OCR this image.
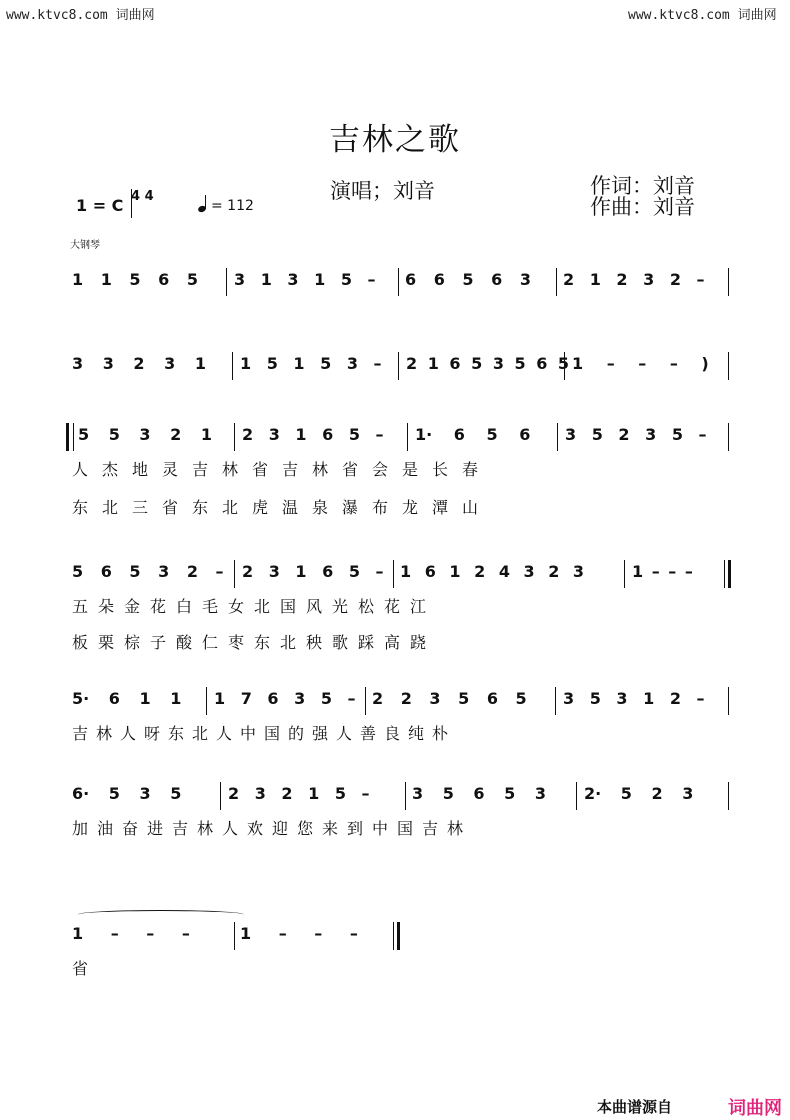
www.ktvc8.com 词曲网	www.ktvc8.com 词曲网
吉林之歌
演唱；刘音	作词：刘音
作曲：刘音
1 = C 4 4
= 112
大钢琴
1 1 5 6 5 3 1 3 1 5 – 6 6 5 6 3 2 1 2 3 2 –
3 3 2 3 1 1 5 1 5 3 – 2 1 6 5 3 5 6 5 1 – – – )
5 5 3 2 1 2 3 1 6 5 – 1· 6 5 6 3 5 2 3 5 –
人杰地灵吉林省吉林省会是长春
东北三省东北虎温泉瀑布龙潭山
5 6 5 3 2 – 2 3 1 6 5 – 1 6 1 2 4 3 2 3	1 – – –
五朵金花白毛女北国风光松花江
板栗棕子酸仁枣东北秧歌踩高跷
5· 6 1 1 1 7 6 3 5 – 2 2 3 5 6 5 3 5 3 1 2 –
吉林人呀东北人中国的强人善良纯朴
6· 5 3 5	2 3 2 1 5 –	3 5 6 5 3 2· 5 2 3
加油奋进吉林人欢迎您来到中国吉林
1 – – –	1 – – –
省
本曲谱源自	词曲网
